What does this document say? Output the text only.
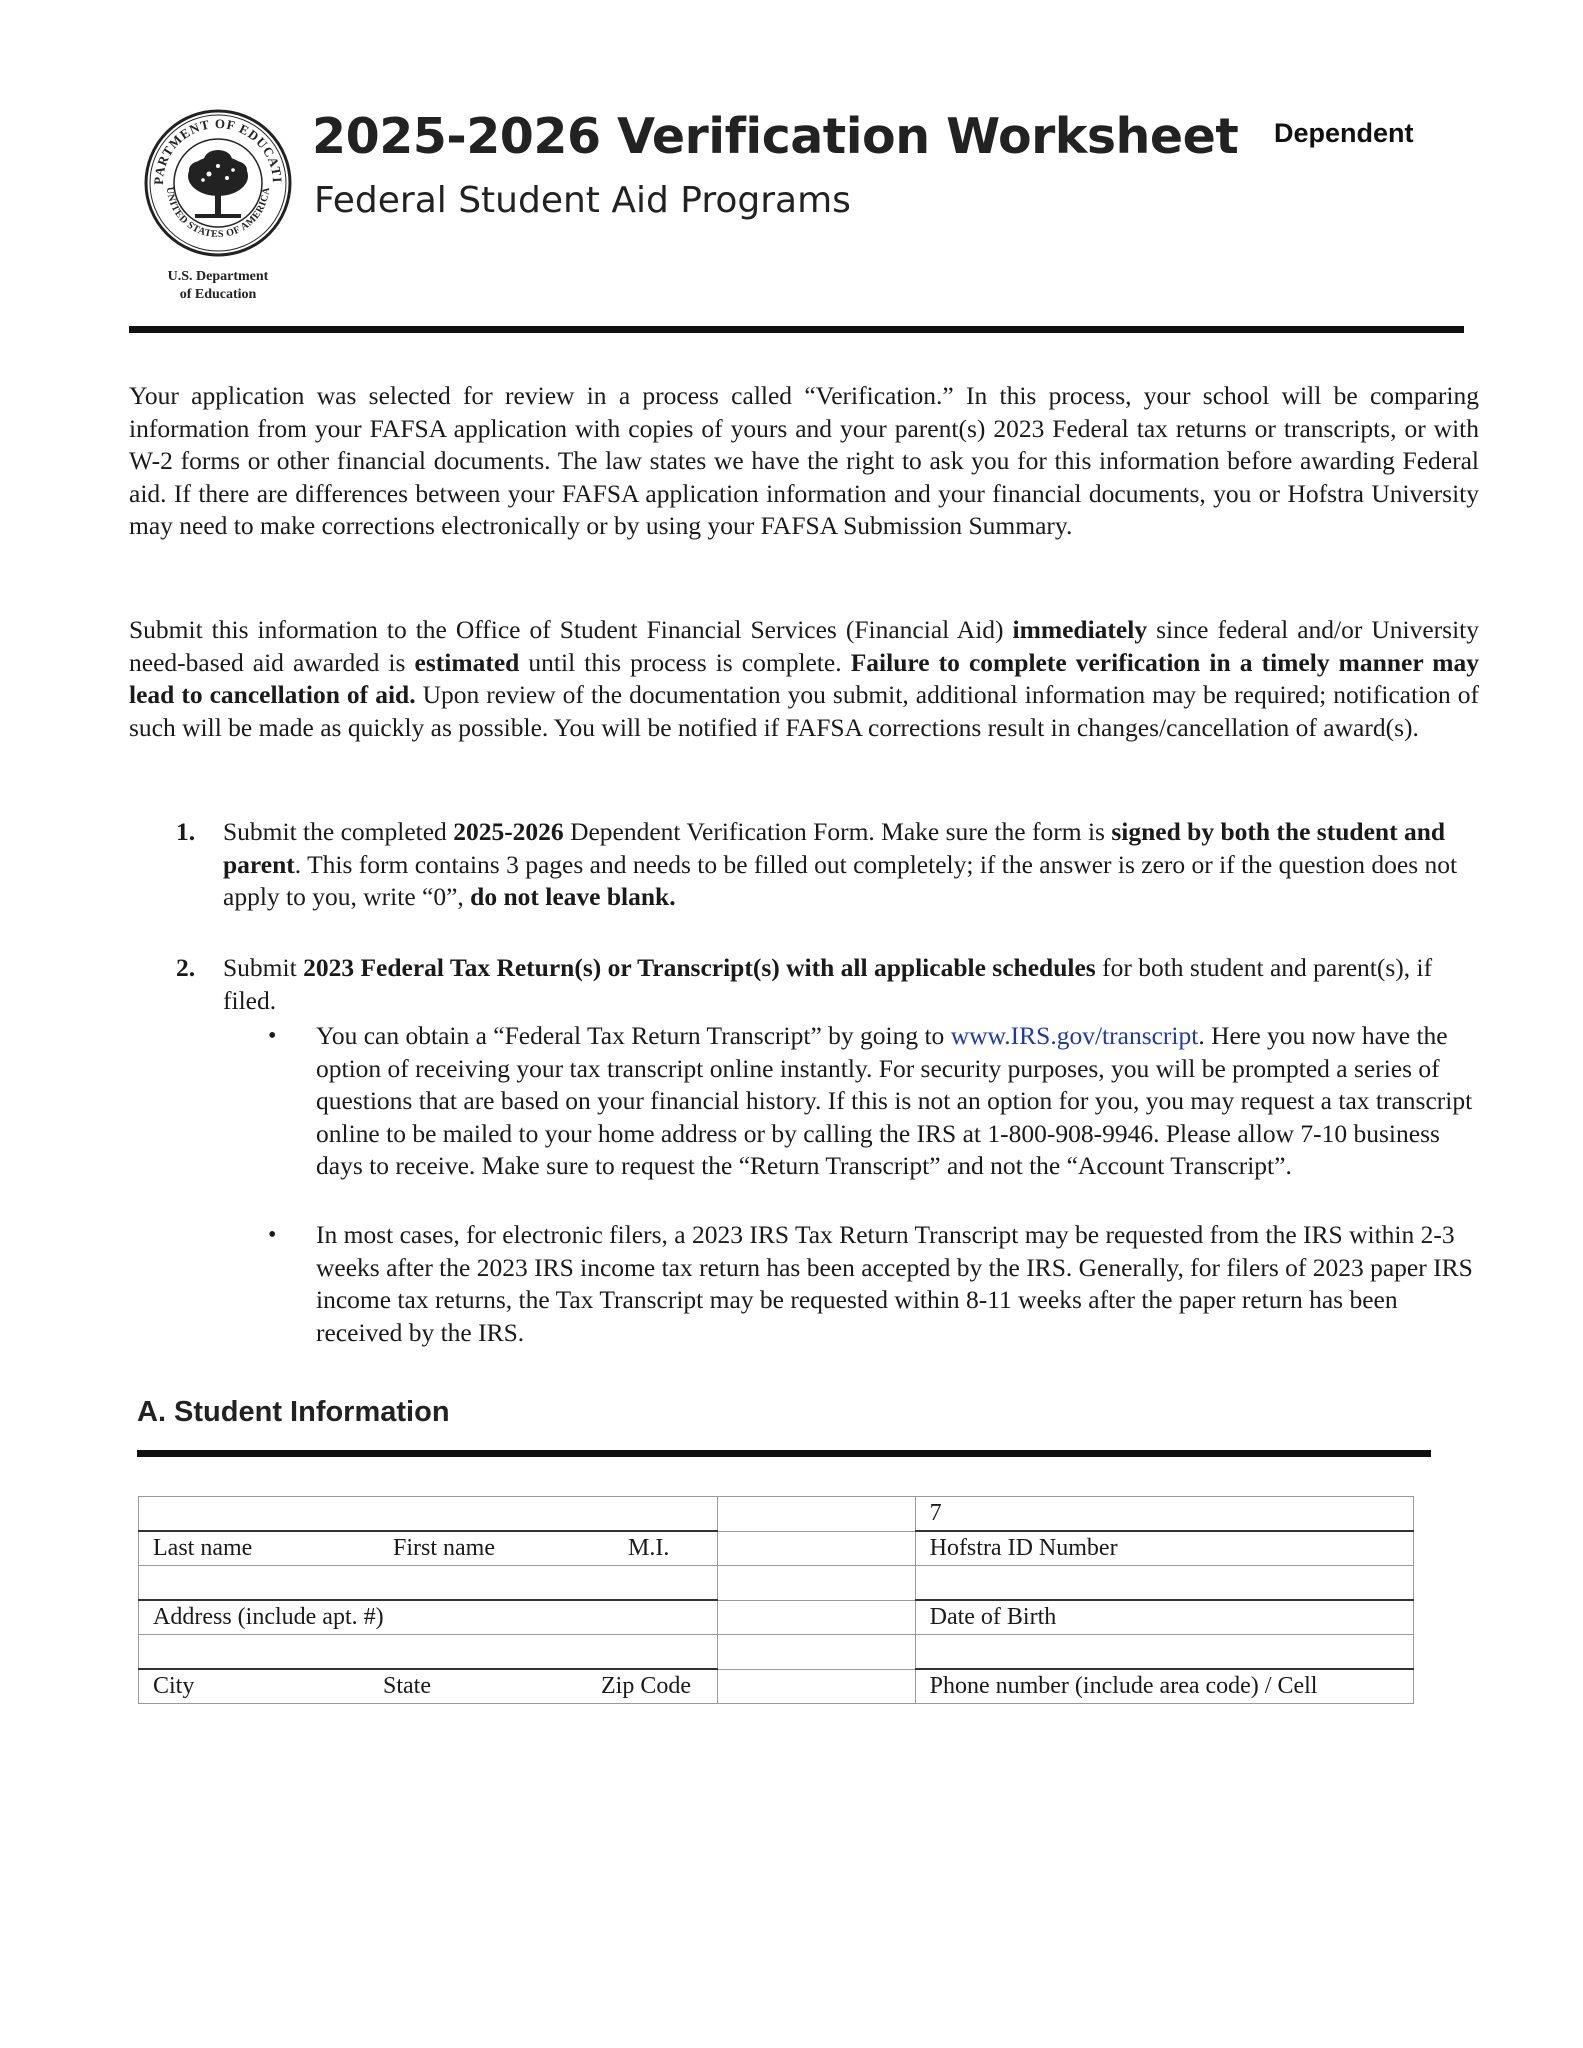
PARTMENT OF EDUCATI
UNITED STATES OF AMERICA
U.S. Department
of Education
2025-2026 Verification Worksheet
Federal Student Aid Programs
Dependent
Your application was selected for review in a process called “Verification.” In this process, your school will be comparing information from your FAFSA application with copies of yours and your parent(s) 2023 Federal tax returns or transcripts, or with W-2 forms or other financial documents. The law states we have the right to ask you for this information before awarding Federal aid. If there are differences between your FAFSA application information and your financial documents, you or Hofstra University may need to make corrections electronically or by using your FAFSA Submission Summary.
Submit this information to the Office of Student Financial Services (Financial Aid) immediately since federal and/or University need-based aid awarded is estimated until this process is complete. Failure to complete verification in a timely manner may lead to cancellation of aid. Upon review of the documentation you submit, additional information may be required; notification of such will be made as quickly as possible. You will be notified if FAFSA corrections result in changes/cancellation of award(s).
1. Submit the completed 2025-2026 Dependent Verification Form. Make sure the form is signed by both the student and parent. This form contains 3 pages and needs to be filled out completely; if the answer is zero or if the question does not apply to you, write “0”, do not leave blank.
2. Submit 2023 Federal Tax Return(s) or Transcript(s) with all applicable schedules for both student and parent(s), if filed.
• You can obtain a “Federal Tax Return Transcript” by going to www.IRS.gov/transcript. Here you now have the option of receiving your tax transcript online instantly. For security purposes, you will be prompted a series of questions that are based on your financial history. If this is not an option for you, you may request a tax transcript online to be mailed to your home address or by calling the IRS at 1-800-908-9946. Please allow 7-10 business days to receive. Make sure to request the “Return Transcript” and not the “Account Transcript”.
• In most cases, for electronic filers, a 2023 IRS Tax Return Transcript may be requested from the IRS within 2-3 weeks after the 2023 IRS income tax return has been accepted by the IRS. Generally, for filers of 2023 paper IRS income tax returns, the Tax Transcript may be requested within 8-11 weeks after the paper return has been received by the IRS.
A. Student Information
		7

Last name First name M.I.		Hofstra ID Number

Address (include apt. #)		Date of Birth

City State Zip Code		Phone number (include area code) / Cell
